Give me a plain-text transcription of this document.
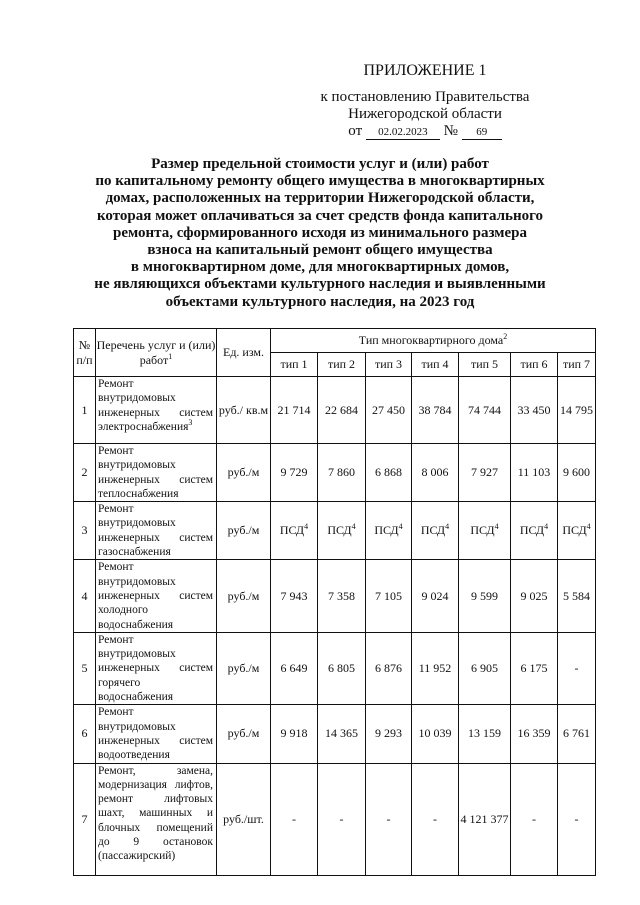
ПРИЛОЖЕНИЕ 1
к постановлению Правительства
Нижегородской области
от 02.02.2023 № 69
Размер предельной стоимости услуг и (или) работ
по капитальному ремонту общего имущества в многоквартирных
домах, расположенных на территории Нижегородской области,
которая может оплачиваться за счет средств фонда капитального
ремонта, сформированного исходя из минимального размера
взноса на капитальный ремонт общего имущества
в многоквартирном доме, для многоквартирных домов,
не являющихся объектами культурного наследия и выявленными
объектами культурного наследия, на 2023 год
№ п/п	Перечень услуг и (или) работ$^1$	Ед. изм.	Тип многоквартирного дома$^2$
			тип 1	тип 2	тип 3	тип 4	тип 5	тип 6	тип 7
1	Ремонт внутридомовых инженерных систем электроснабжения$^3$	руб./ кв.м	21 714	22 684	27 450	38 784	74 744	33 450	14 795
2	Ремонт внутридомовых инженерных систем теплоснабжения	руб./м	9 729	7 860	6 868	8 006	7 927	11 103	9 600
3	Ремонт внутридомовых инженерных систем газоснабжения	руб./м	ПСД$^4$	ПСД$^4$	ПСД$^4$	ПСД$^4$	ПСД$^4$	ПСД$^4$	ПСД$^4$
4	Ремонт внутридомовых инженерных систем холодного водоснабжения	руб./м	7 943	7 358	7 105	9 024	9 599	9 025	5 584
5	Ремонт внутридомовых инженерных систем горячего водоснабжения	руб./м	6 649	6 805	6 876	11 952	6 905	6 175	-
6	Ремонт внутридомовых инженерных систем водоотведения	руб./м	9 918	14 365	9 293	10 039	13 159	16 359	6 761
7	Ремонт, замена, модернизация лифтов, ремонт лифтовых шахт, машинных и блочных помещений до 9 остановок (пассажирский)	руб./шт.	-	-	-	-	4 121 377	-	-
